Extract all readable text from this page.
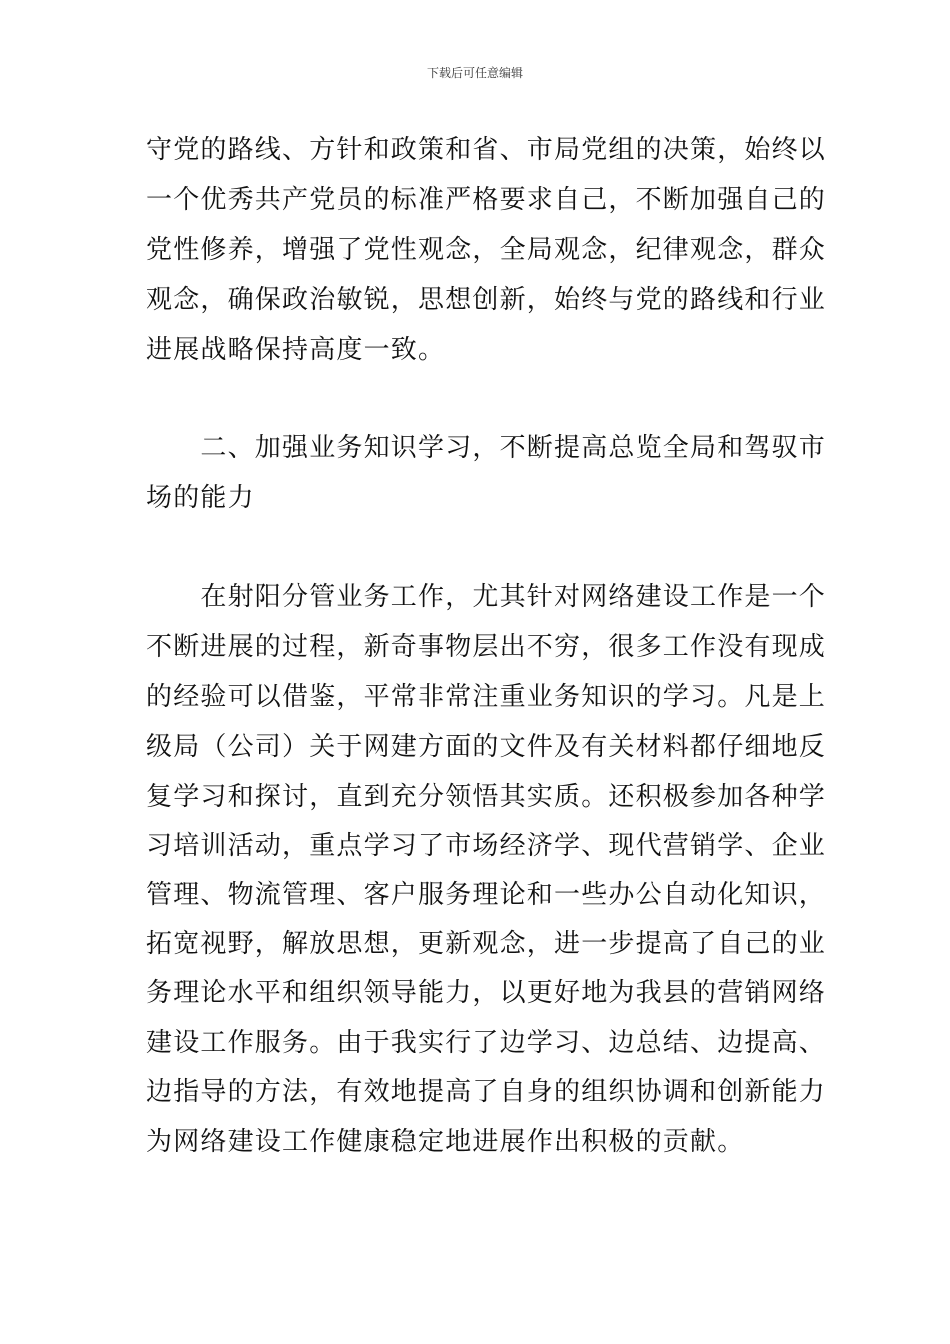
下载后可任意编辑
守党的路线、方针和政策和省、市局党组的决策，始终以
一个优秀共产党员的标准严格要求自己，不断加强自己的
党性修养，增强了党性观念，全局观念，纪律观念，群众
观念，确保政治敏锐，思想创新，始终与党的路线和行业
进展战略保持高度一致。
　　二、加强业务知识学习，不断提高总览全局和驾驭市
场的能力
　　在射阳分管业务工作，尤其针对网络建设工作是一个
不断进展的过程，新奇事物层出不穷，很多工作没有现成
的经验可以借鉴，平常非常注重业务知识的学习。凡是上
级局（公司）关于网建方面的文件及有关材料都仔细地反
复学习和探讨，直到充分领悟其实质。还积极参加各种学
习培训活动，重点学习了市场经济学、现代营销学、企业
管理、物流管理、客户服务理论和一些办公自动化知识，
拓宽视野，解放思想，更新观念，进一步提高了自己的业
务理论水平和组织领导能力，以更好地为我县的营销网络
建设工作服务。由于我实行了边学习、边总结、边提高、
边指导的方法，有效地提高了自身的组织协调和创新能力
为网络建设工作健康稳定地进展作出积极的贡献。
